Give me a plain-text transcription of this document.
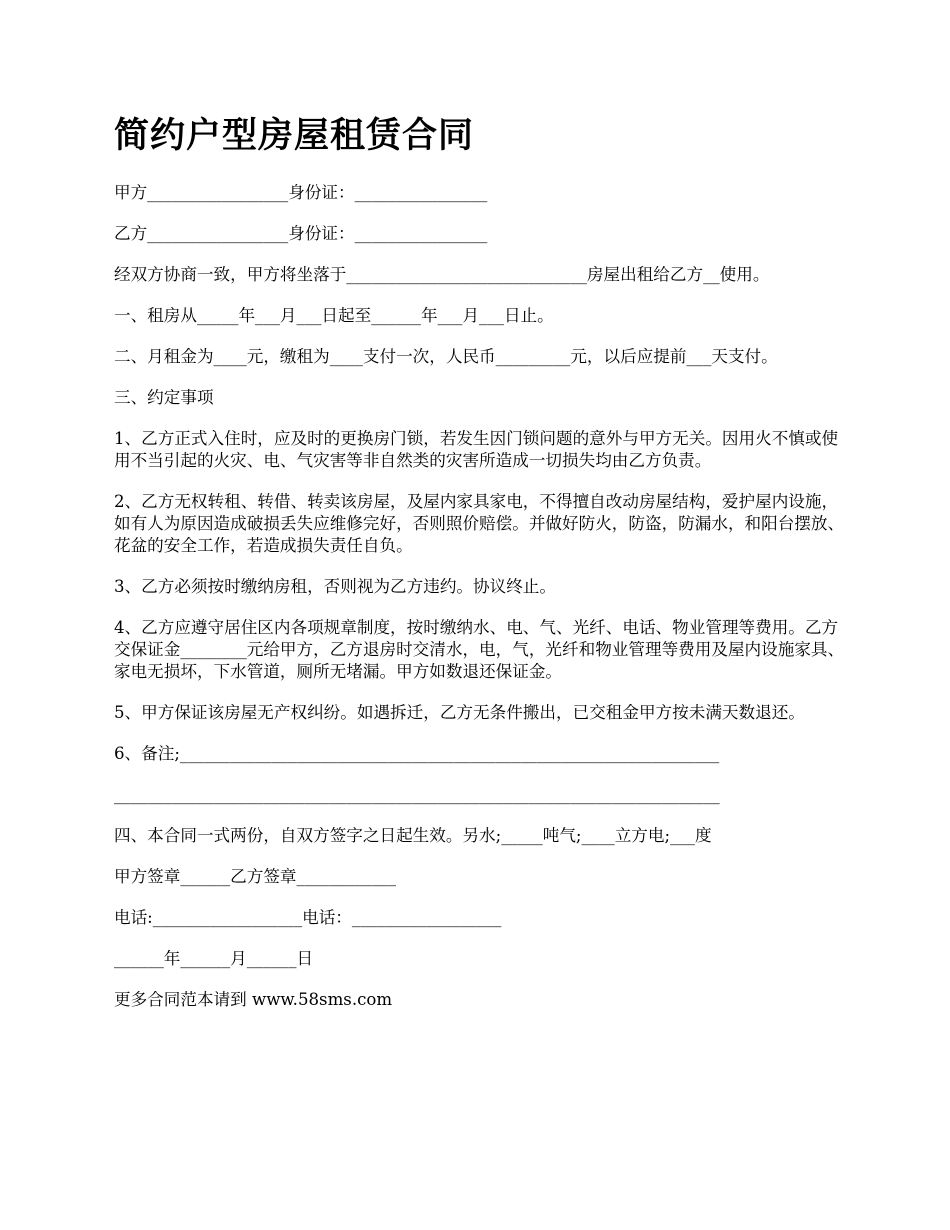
简约户型房屋租赁合同
甲方_________________身份证：________________
乙方_________________身份证：________________
经双方协商一致，甲方将坐落于_____________________________房屋出租给乙方__使用。
一、租房从_____年___月___日起至______年___月___日止。
二、月租金为____元，缴租为____支付一次，人民币_________元，以后应提前___天支付。
三、约定事项
1、乙方正式入住时，应及时的更换房门锁，若发生因门锁问题的意外与甲方无关。因用火不慎或使用不当引起的火灾、电、气灾害等非自然类的灾害所造成一切损失均由乙方负责。
2、乙方无权转租、转借、转卖该房屋，及屋内家具家电，不得擅自改动房屋结构，爱护屋内设施，如有人为原因造成破损丢失应维修完好，否则照价赔偿。并做好防火，防盗，防漏水，和阳台摆放、花盆的安全工作，若造成损失责任自负。
3、乙方必须按时缴纳房租，否则视为乙方违约。协议终止。
4、乙方应遵守居住区内各项规章制度，按时缴纳水、电、气、光纤、电话、物业管理等费用。乙方交保证金________元给甲方，乙方退房时交清水，电，气，光纤和物业管理等费用及屋内设施家具、家电无损坏，下水管道，厕所无堵漏。甲方如数退还保证金。
5、甲方保证该房屋无产权纠纷。如遇拆迁，乙方无条件搬出，已交租金甲方按未满天数退还。
6、备注;_________________________________________________________________
_________________________________________________________________________
四、本合同一式两份，自双方签字之日起生效。另水;_____吨气;____立方电;___度
甲方签章______乙方签章____________
电话:__________________电话：__________________
______年______月______日
更多合同范本请到 www.58sms.com
